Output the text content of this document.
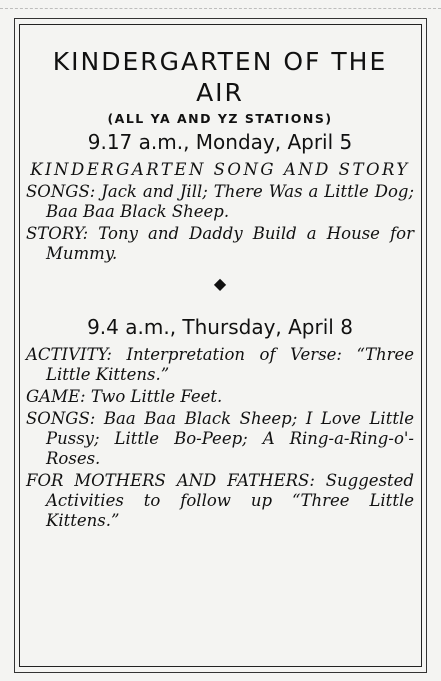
KINDERGARTEN OF THE AIR
(ALL YA AND YZ STATIONS)
9.17 a.m., Monday, April 5
KINDERGARTEN SONG AND STORY
SONGS: Jack and Jill; There Was a Little Dog; Baa Baa Black Sheep.
STORY: Tony and Daddy Build a House for Mummy.
◆
9.4 a.m., Thursday, April 8
ACTIVITY: Interpretation of Verse: “Three Little Kittens.”
GAME: Two Little Feet.
SONGS: Baa Baa Black Sheep; I Love Little Pussy; Little Bo-Peep; A Ring-a-Ring-o'-Roses.
FOR MOTHERS AND FATHERS: Suggested Activities to follow up “Three Little Kittens.”
